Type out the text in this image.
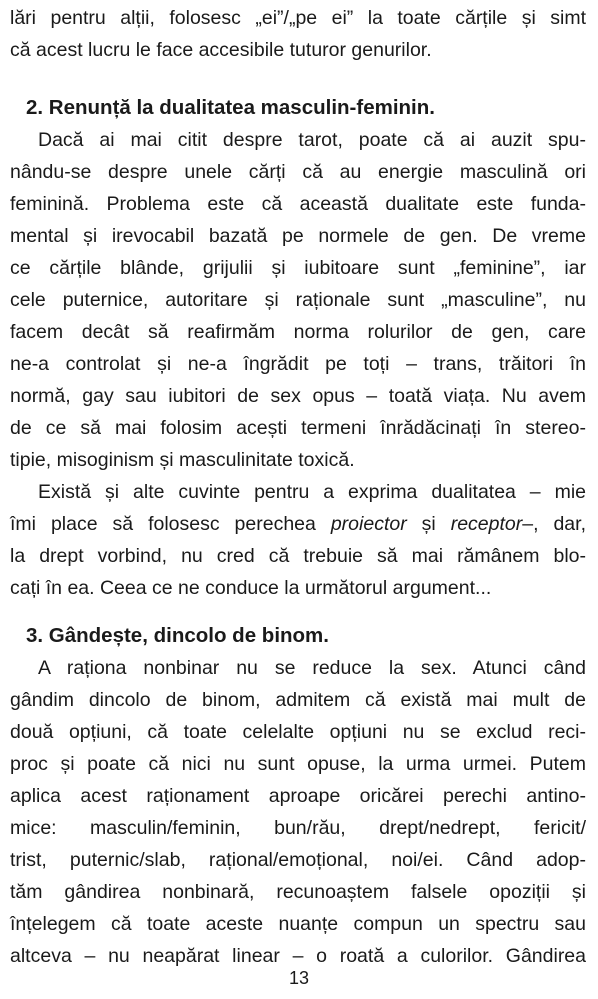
lări pentru alții, folosesc „ei”/„pe ei” la toate cărțile și simt
că acest lucru le face accesibile tuturor genurilor.
2. Renunță la dualitatea masculin-feminin.
Dacă ai mai citit despre tarot, poate că ai auzit spu-
nându-se despre unele cărți că au energie masculină ori
feminină. Problema este că această dualitate este funda-
mental și irevocabil bazată pe normele de gen. De vreme
ce cărțile blânde, grijulii și iubitoare sunt „feminine”, iar
cele puternice, autoritare și raționale sunt „masculine”, nu
facem decât să reafirmăm norma rolurilor de gen, care
ne-a controlat și ne-a îngrădit pe toți – trans, trăitori în
normă, gay sau iubitori de sex opus – toată viața. Nu avem
de ce să mai folosim acești termeni înrădăcinați în stereo-
tipie, misoginism și masculinitate toxică.
Există și alte cuvinte pentru a exprima dualitatea – mie
îmi place să folosesc perechea proiector și receptor–, dar,
la drept vorbind, nu cred că trebuie să mai rămânem blo-
cați în ea. Ceea ce ne conduce la următorul argument...
3. Gândește, dincolo de binom.
A raționa nonbinar nu se reduce la sex. Atunci când
gândim dincolo de binom, admitem că există mai mult de
două opțiuni, că toate celelalte opțiuni nu se exclud reci-
proc și poate că nici nu sunt opuse, la urma urmei. Putem
aplica acest raționament aproape oricărei perechi antino-
mice: masculin/feminin, bun/rău, drept/nedrept, fericit/
trist, puternic/slab, rațional/emoțional, noi/ei. Când adop-
tăm gândirea nonbinară, recunoaștem falsele opoziții și
înțelegem că toate aceste nuanțe compun un spectru sau
altceva – nu neapărat linear – o roată a culorilor. Gândirea
13
